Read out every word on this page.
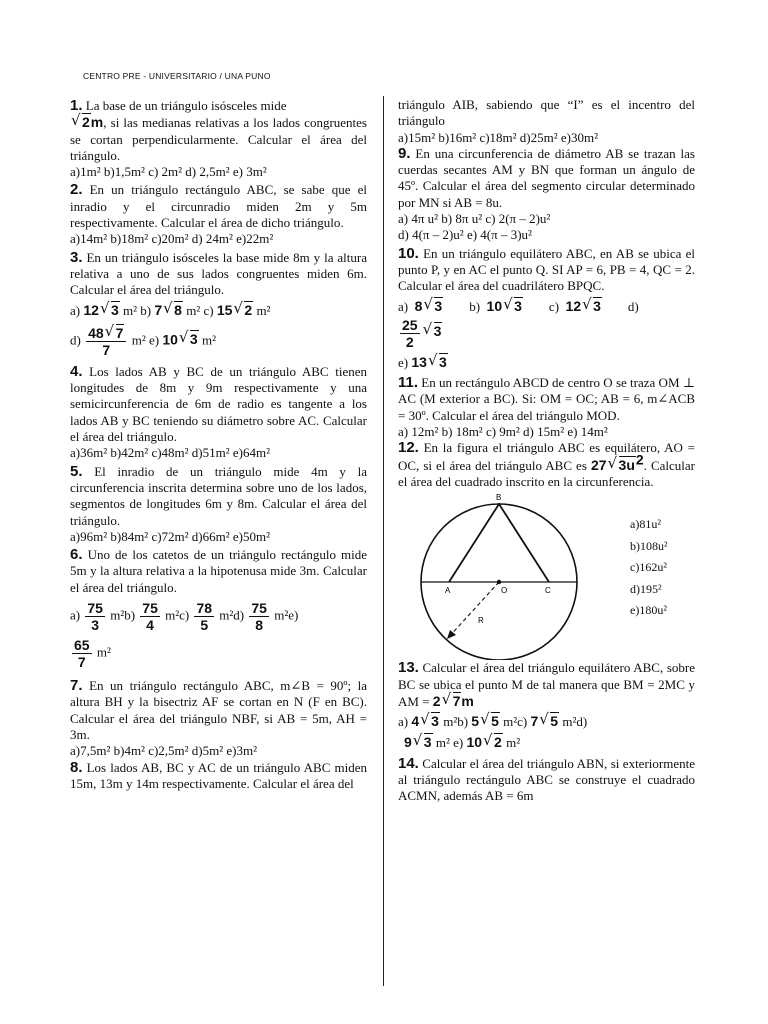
CENTRO PRE - UNIVERSITARIO / UNA PUNO

1. La base de un triángulo isósceles mide

√ 2m, si las medianas relativas a los lados congruentes se cortan perpendicularmente. Calcular el área del triángulo.

a)1m² b)1,5m² c) 2m² d) 2,5m² e) 3m²

2. En un triángulo rectángulo ABC, se sabe que el inradio y el circunradio miden 2m y 5m respectivamente. Calcular el área de dicho triángulo.

a)14m² b)18m² c)20m² d) 24m² e)22m²

3. En un triángulo isósceles la base mide 8m y la altura relativa a uno de sus lados congruentes miden 6m. Calcular el área del triángulo.

a) 12 √ 3 m² b) 7 √ 8 m² c) 15 √ 2 m²

$d) \frac{48 √ 7}{7} m^2$ e) 10 √ 3 m²

4. Los lados AB y BC de un triángulo ABC tienen longitudes de 8m y 9m respectivamente y una semicircunferencia de 6m de radio es tangente a los lados AB y BC teniendo su diámetro sobre AC. Calcular el área del triángulo.

a)36m² b)42m² c)48m² d)51m² e)64m²

5. El inradio de un triángulo mide 4m y la circunferencia inscrita determina sobre uno de los lados, segmentos de longitudes 6m y 8m. Calcular el área del triángulo.

a)96m² b)84m² c)72m² d)66m² e)50m²

6. Uno de los catetos de un triángulo rectángulo mide 5m y la altura relativa a la hipotenusa mide 3m. Calcular el área del triángulo.

$a) \frac{75}{3} m^2b) \frac{75}{4} m^2c) \frac{78}{5} m^2d) \frac{75}{8} m^2e$)

$\frac{65}{7} m^2$

7. En un triángulo rectángulo ABC, m∠B = 90º; la altura BH y la bisectriz AF se cortan en N (F en BC). Calcular el área del triángulo NBF, si AB = 5m, AH = 3m.

a)7,5m² b)4m² c)2,5m² d)5m² e)3m²

8. Los lados AB, BC y AC de un triángulo ABC miden 15m, 13m y 14m respectivamente. Calcular el área del

triángulo AIB, sabiendo que “I” es el incentro del triángulo

a)15m² b)16m² c)18m² d)25m² e)30m²

9. En una circunferencia de diámetro AB se trazan las cuerdas secantes AM y BN que forman un ángulo de 45º. Calcular el área del segmento circular determinado por MN si AB = 8u.

a) 4π u² b) 8π u² c) 2(π – 2)u²

d) 4(π – 2)u² e) 4(π – 3)u²

10. En un triángulo equilátero ABC, en AB se ubica el punto P, y en AC el punto Q. SI AP = 6, PB = 4, QC = 2. Calcular el área del cuadrilátero BPQC.

a)  8 √ 3        b)  10 √ 3        c)  12 √ 3        d)

$\frac{25}{2}$ √ 3

e) 13 √ 3

11. En un rectángulo ABCD de centro O se traza OM ⊥ AC (M exterior a BC). Si: OM = OC; AB = 6, m∠ACB = 30º. Calcular el área del triángulo MOD.

a) 12m² b) 18m² c) 9m² d) 15m² e) 14m²

12. En la figura el triángulo ABC es equilátero, AO = OC, si el área del triángulo ABC es 27 √ $3u^2$. Calcular el área del cuadrado inscrito en la circunferencia.

B
A	O	C
R
a)81u²
b)108u²
c)162u²
d)195²
e)180u²

13. Calcular el área del triángulo equilátero ABC, sobre BC se ubica el punto M de tal manera que BM = 2MC y AM = 2 √ 7m

a) 4 √ 3 m²b) 5 √ 5 m²c) 7 √ 5 m²d)

9 √ 3 m² e) 10 √ 2 m²

14. Calcular el área del triángulo ABN, si exteriormente al triángulo rectángulo ABC se construye el cuadrado ACMN, además AB = 6m
